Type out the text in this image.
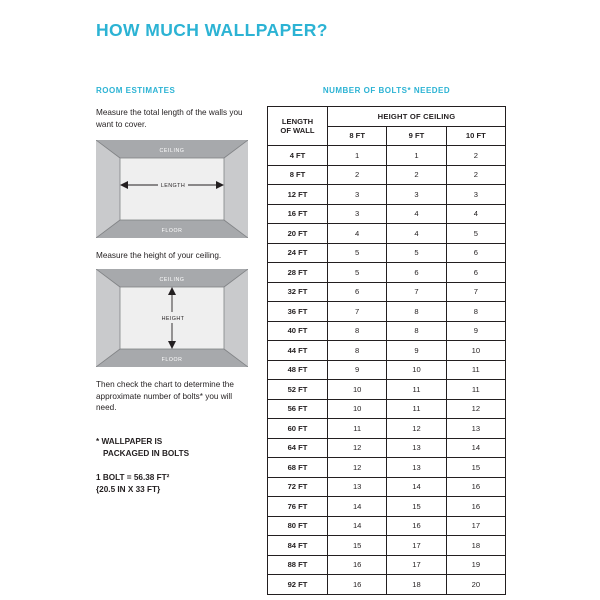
HOW MUCH WALLPAPER?
ROOM ESTIMATES

Measure the total length of the walls you want to cover.

CEILING
FLOOR
LENGTH

Measure the height of your ceiling.

CEILING
FLOOR
HEIGHT

Then check the chart to determine the approximate number of bolts* you will need.

* WALLPAPER IS
PACKAGED IN BOLTS
1 BOLT = 56.38 FT²
{20.5 IN X 33 FT}
NUMBER OF BOLTS* NEEDED
LENGTH
OF WALL	HEIGHT OF CEILING		
	8 FT	9 FT	10 FT
4 FT	1	1	2
8 FT	2	2	2
12 FT	3	3	3
16 FT	3	4	4
20 FT	4	4	5
24 FT	5	5	6
28 FT	5	6	6
32 FT	6	7	7
36 FT	7	8	8
40 FT	8	8	9
44 FT	8	9	10
48 FT	9	10	11
52 FT	10	11	11
56 FT	10	11	12
60 FT	11	12	13
64 FT	12	13	14
68 FT	12	13	15
72 FT	13	14	16
76 FT	14	15	16
80 FT	14	16	17
84 FT	15	17	18
88 FT	16	17	19
92 FT	16	18	20
